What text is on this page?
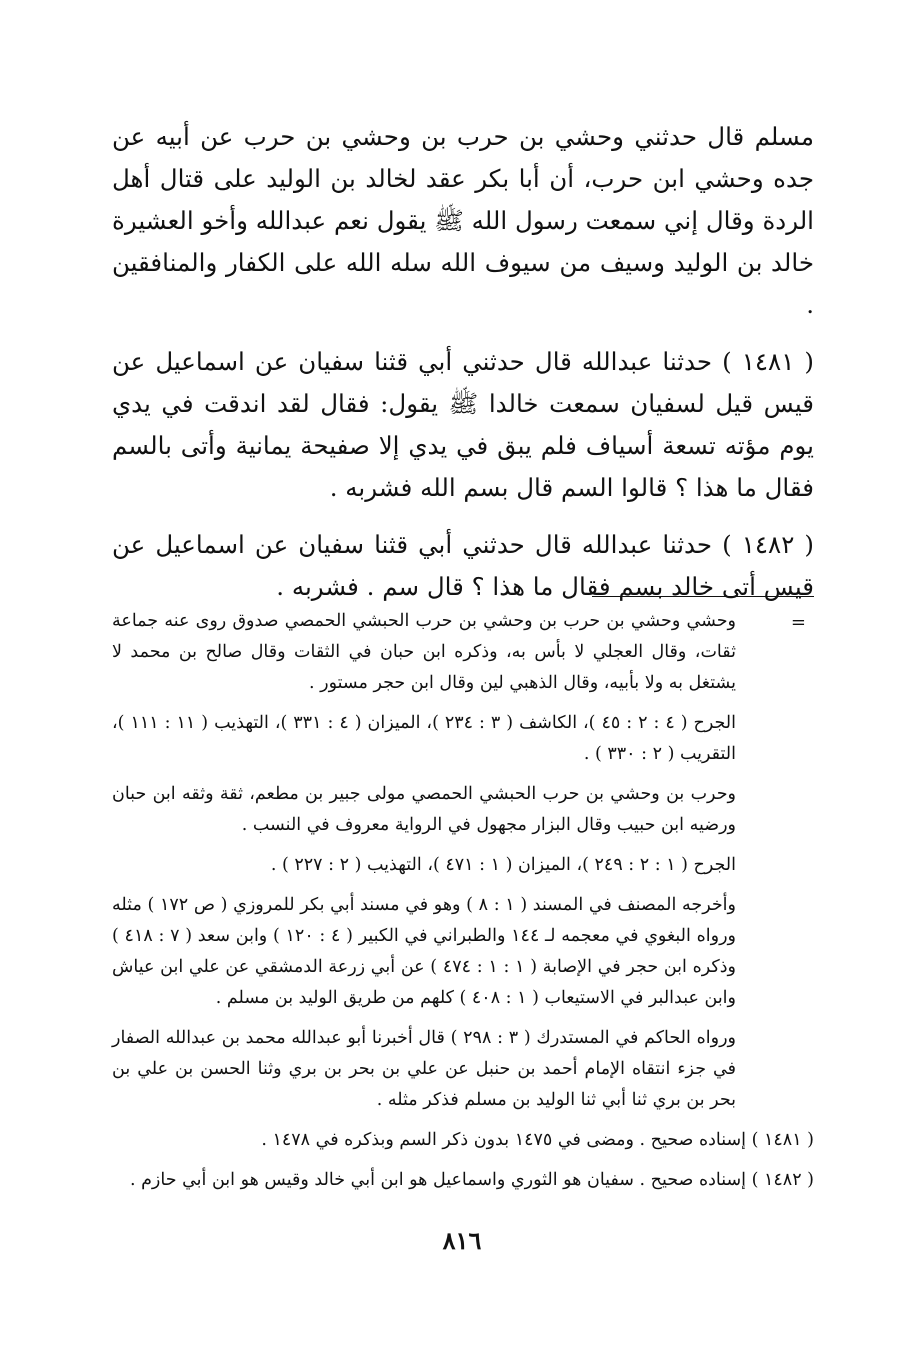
مسلم قال حدثني وحشي بن حرب بن وحشي بن حرب عن أبيه عن جده وحشي ابن حرب، أن أبا بكر عقد لخالد بن الوليد على قتال أهل الردة وقال إني سمعت رسول الله ﷺ يقول نعم عبدالله وأخو العشيرة خالد بن الوليد وسيف من سيوف الله سله الله على الكفار والمنافقين .

( ١٤٨١ ) حدثنا عبدالله قال حدثني أبي قثنا سفيان عن اسماعيل عن قيس قيل لسفيان سمعت خالدا ﷺ يقول: فقال لقد اندقت في يدي يوم مؤته تسعة أسياف فلم يبق في يدي إلا صفيحة يمانية وأتى بالسم فقال ما هذا ؟ قالوا السم قال بسم الله فشربه .

( ١٤٨٢ ) حدثنا عبدالله قال حدثني أبي قثنا سفيان عن اسماعيل عن قيس أتى خالد بسم فقال ما هذا ؟ قال سم . فشربه .

=

وحشي وحشي بن حرب بن وحشي بن حرب الحبشي الحمصي صدوق روى عنه جماعة ثقات، وقال العجلي لا بأس به، وذكره ابن حبان في الثقات وقال صالح بن محمد لا يشتغل به ولا بأبيه، وقال الذهبي لين وقال ابن حجر مستور .

الجرح ( ٤ : ٢ : ٤٥ )، الكاشف ( ٣ : ٢٣٤ )، الميزان ( ٤ : ٣٣١ )، التهذيب ( ١١ : ١١١ )، التقريب ( ٢ : ٣٣٠ ) .

وحرب بن وحشي بن حرب الحبشي الحمصي مولى جبير بن مطعم، ثقة وثقه ابن حبان ورضيه ابن حبيب وقال البزار مجهول في الرواية معروف في النسب .

الجرح ( ١ : ٢ : ٢٤٩ )، الميزان ( ١ : ٤٧١ )، التهذيب ( ٢ : ٢٢٧ ) .

وأخرجه المصنف في المسند ( ١ : ٨ ) وهو في مسند أبي بكر للمروزي ( ص ١٧٢ ) مثله ورواه البغوي في معجمه لـ ١٤٤ والطبراني في الكبير ( ٤ : ١٢٠ ) وابن سعد ( ٧ : ٤١٨ ) وذكره ابن حجر في الإصابة ( ١ : ١ : ٤٧٤ ) عن أبي زرعة الدمشقي عن علي ابن عياش وابن عبدالبر في الاستيعاب ( ١ : ٤٠٨ ) كلهم من طريق الوليد بن مسلم .

ورواه الحاكم في المستدرك ( ٣ : ٢٩٨ ) قال أخبرنا أبو عبدالله محمد بن عبدالله الصفار في جزء انتقاه الإمام أحمد بن حنبل عن علي بن بحر بن بري وثنا الحسن بن علي بن بحر بن بري ثنا أبي ثنا الوليد بن مسلم فذكر مثله .

( ١٤٨١ ) إسناده صحيح . ومضى في ١٤٧٥ بدون ذكر السم وبذكره في ١٤٧٨ .

( ١٤٨٢ ) إسناده صحيح . سفيان هو الثوري واسماعيل هو ابن أبي خالد وقيس هو ابن أبي حازم .

٨١٦
